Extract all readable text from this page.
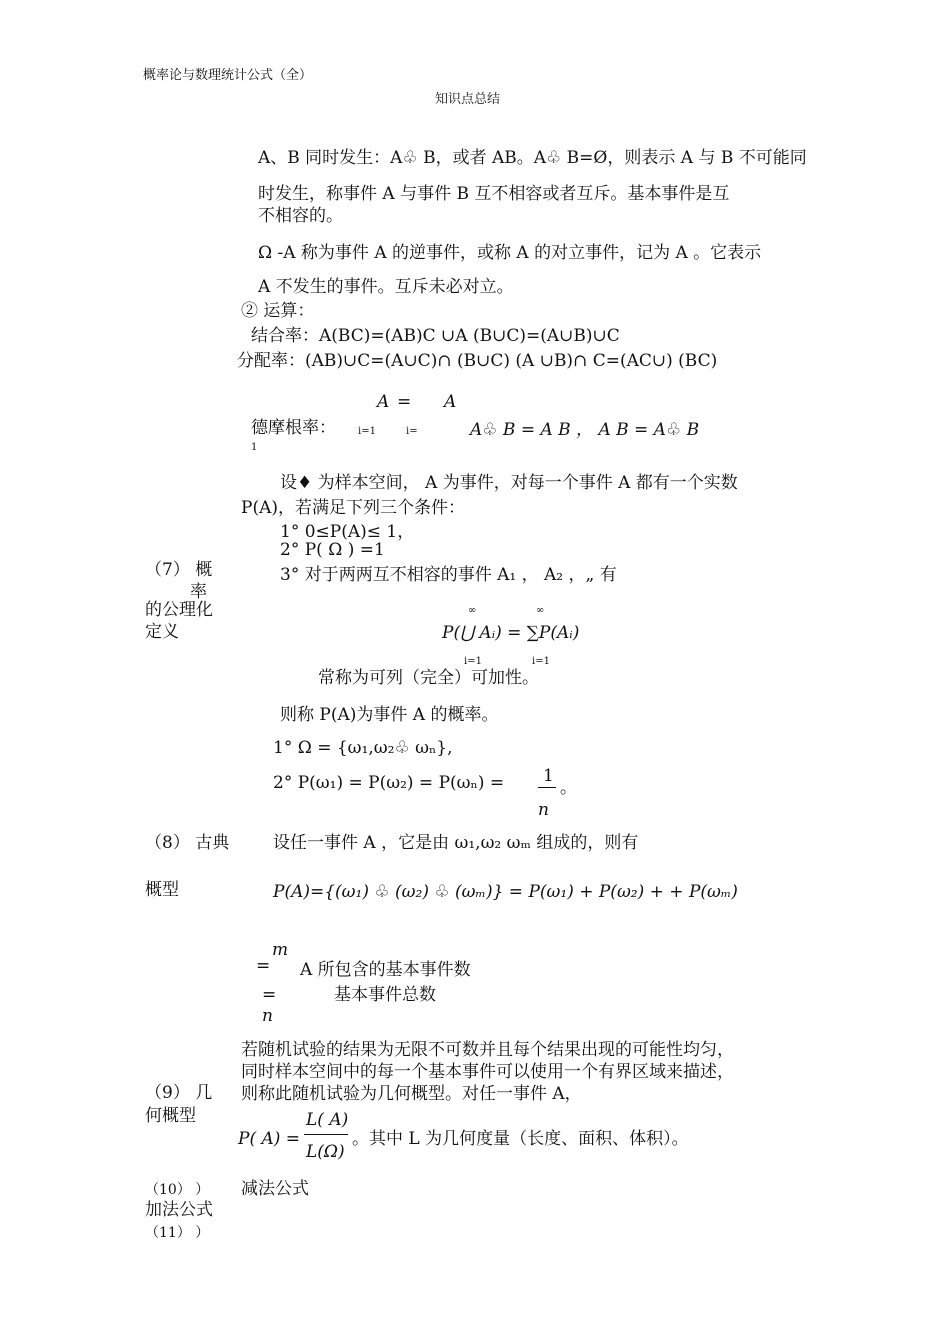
概率论与数理统计公式（全）
知识点总结
A、B 同时发生：A♧ B，或者 AB。A♧ B=Ø，则表示 A 与 B 不可能同
时发生，称事件 A 与事件 B 互不相容或者互斥。基本事件是互
不相容的。
Ω -A 称为事件 A 的逆事件，或称 A 的对立事件，记为 A 。它表示
A 不发生的事件。互斥未必对立。
② 运算：
结合率：A(BC)=(AB)C ∪A (B∪C)=(A∪B)∪C
分配率：(AB)∪C=(A∪C)∩ (B∪C) (A ∪B)∩ C=(AC∪) (BC)
A = A
德摩根率： i=1	i=
1
A♧ B = A B ， A B = A♧ B
设♦ 为样本空间， A 为事件，对每一个事件 A 都有一个实数
P(A)，若满足下列三个条件：
1° 0≤P(A)≤ 1，
2° P( Ω ) =1
（7） 概	3° 对于两两互不相容的事件 A₁ ， A₂ ，„ 有
率
的公理化
定义
∞	∞
P(⋃ Aᵢ) = ∑P(Aᵢ)
i=1	i=1
常称为可列（完全）可加性。
则称 P(A)为事件 A 的概率。
1° Ω = {ω₁,ω₂♧ ωₙ},
2° P(ω₁) = P(ω₂) = P(ωₙ) = 1
n
。
（8） 古典	设任一事件 A ，它是由 ω₁,ω₂ ωₘ 组成的，则有
概型	P(A)={(ω₁) ♧ (ω₂) ♧ (ωₘ)} = P(ω₁) + P(ω₂) + + P(ωₘ)
m
= A 所包含的基本事件数
=	基本事件总数
n
若随机试验的结果为无限不可数并且每个结果出现的可能性均匀，
同时样本空间中的每一个基本事件可以使用一个有界区域来描述，
（9） 几 则称此随机试验为几何概型。对任一事件 A，
何概型	L( A)
P( A) =	。其中 L 为几何度量（长度、面积、体积）。
L(Ω)
（10） ） 减法公式
加法公式
（11） ）
